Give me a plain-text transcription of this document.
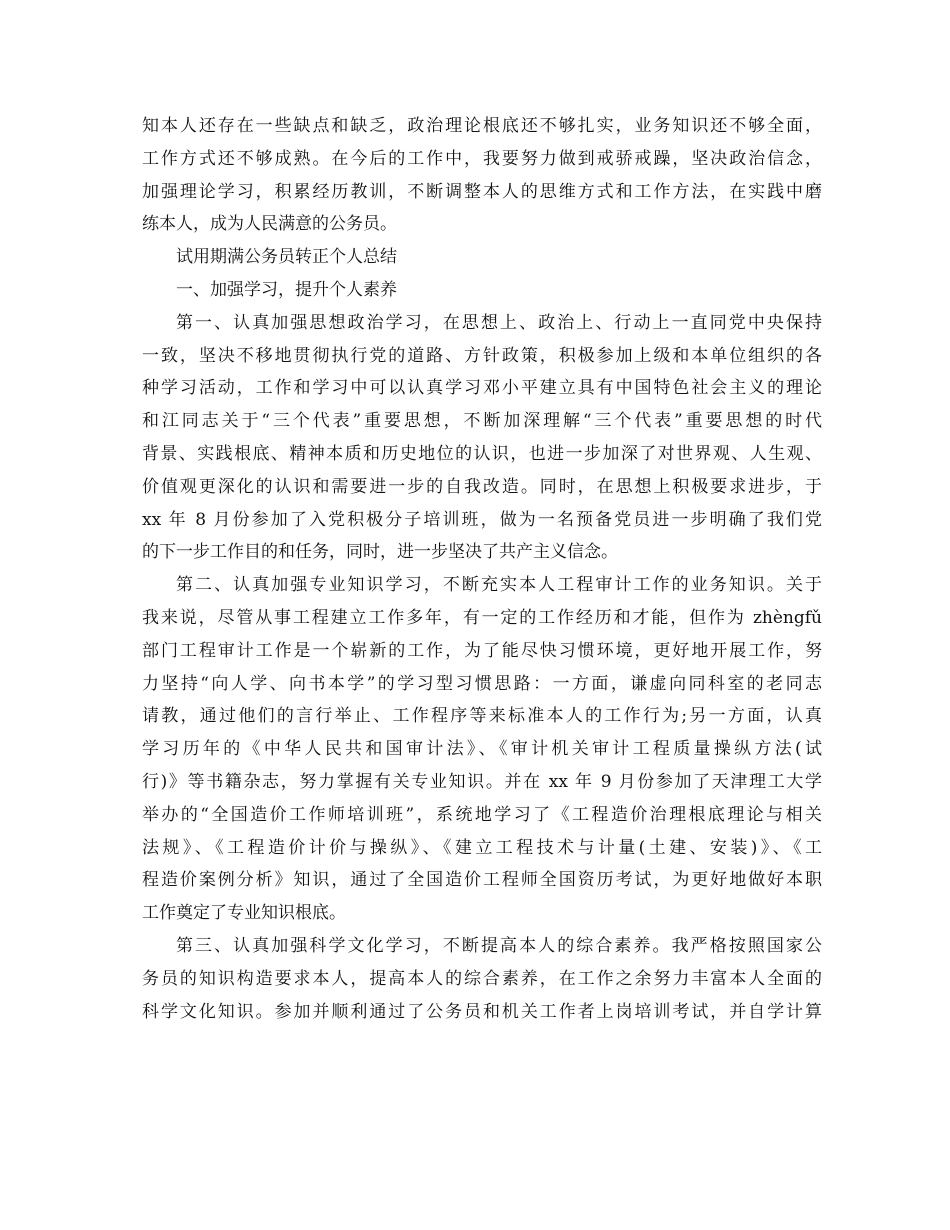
知本人还存在一些缺点和缺乏，政治理论根底还不够扎实，业务知识还不够全面，
工作方式还不够成熟。在今后的工作中，我要努力做到戒骄戒躁，坚决政治信念，
加强理论学习，积累经历教训，不断调整本人的思维方式和工作方法，在实践中磨
练本人，成为人民满意的公务员。
试用期满公务员转正个人总结
一、加强学习，提升个人素养
第一、认真加强思想政治学习，在思想上、政治上、行动上一直同党中央保持
一致，坚决不移地贯彻执行党的道路、方针政策，积极参加上级和本单位组织的各
种学习活动，工作和学习中可以认真学习邓小平建立具有中国特色社会主义的理论
和江同志关于“三个代表”重要思想，不断加深理解“三个代表”重要思想的时代
背景、实践根底、精神本质和历史地位的认识，也进一步加深了对世界观、人生观、
价值观更深化的认识和需要进一步的自我改造。同时，在思想上积极要求进步，于
xx 年 8 月份参加了入党积极分子培训班，做为一名预备党员进一步明确了我们党
的下一步工作目的和任务，同时，进一步坚决了共产主义信念。
第二、认真加强专业知识学习，不断充实本人工程审计工作的业务知识。关于
我来说，尽管从事工程建立工作多年，有一定的工作经历和才能，但作为 zhèngfǔ
部门工程审计工作是一个崭新的工作，为了能尽快习惯环境，更好地开展工作，努
力坚持“向人学、向书本学”的学习型习惯思路：一方面，谦虚向同科室的老同志
请教，通过他们的言行举止、工作程序等来标准本人的工作行为;另一方面，认真
学习历年的《中华人民共和国审计法》、《审计机关审计工程质量操纵方法(试
行)》等书籍杂志，努力掌握有关专业知识。并在 xx 年 9 月份参加了天津理工大学
举办的“全国造价工作师培训班”，系统地学习了《工程造价治理根底理论与相关
法规》、《工程造价计价与操纵》、《建立工程技术与计量(土建、安装)》、《工
程造价案例分析》知识，通过了全国造价工程师全国资历考试，为更好地做好本职
工作奠定了专业知识根底。
第三、认真加强科学文化学习，不断提高本人的综合素养。我严格按照国家公
务员的知识构造要求本人，提高本人的综合素养，在工作之余努力丰富本人全面的
科学文化知识。参加并顺利通过了公务员和机关工作者上岗培训考试，并自学计算
